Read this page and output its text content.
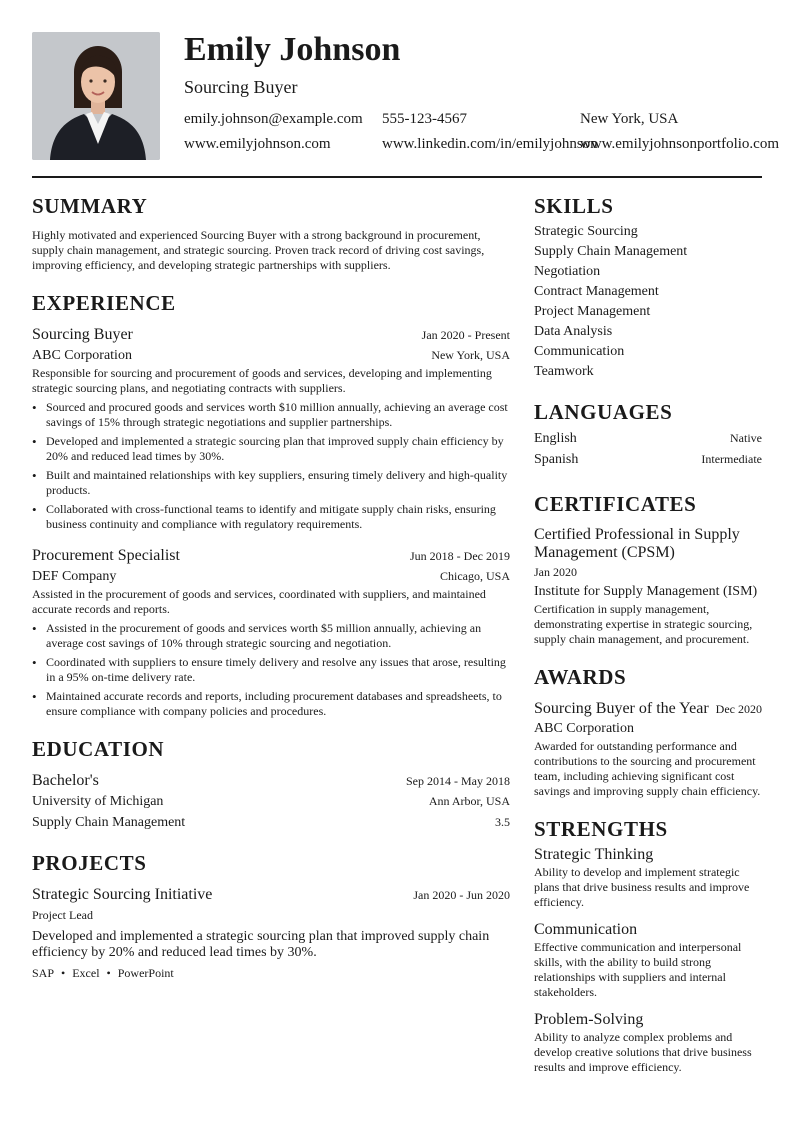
Emily Johnson
Sourcing Buyer
emily.johnson@example.com 555-123-4567	New York, USA
www.emilyjohnson.com	www.linkedin.com/in/emilyjohnson
www.emilyjohnsonportfolio.com
SUMMARY
Highly motivated and experienced Sourcing Buyer with a strong background in procurement, supply chain management, and strategic sourcing. Proven track record of driving cost savings, improving efficiency, and developing strategic partnerships with suppliers.
EXPERIENCE
Sourcing Buyer	Jan 2020 - Present
ABC Corporation	New York, USA
Responsible for sourcing and procurement of goods and services, developing and implementing strategic sourcing plans, and negotiating contracts with suppliers.
• Sourced and procured goods and services worth $10 million annually, achieving an average cost savings of 15% through strategic negotiations and supplier partnerships.
• Developed and implemented a strategic sourcing plan that improved supply chain efficiency by 20% and reduced lead times by 30%.
• Built and maintained relationships with key suppliers, ensuring timely delivery and high-quality products.
• Collaborated with cross-functional teams to identify and mitigate supply chain risks, ensuring business continuity and compliance with regulatory requirements.
Procurement Specialist	Jun 2018 - Dec 2019
DEF Company	Chicago, USA
Assisted in the procurement of goods and services, coordinated with suppliers, and maintained accurate records and reports.
• Assisted in the procurement of goods and services worth $5 million annually, achieving an average cost savings of 10% through strategic sourcing and negotiation.
• Coordinated with suppliers to ensure timely delivery and resolve any issues that arose, resulting in a 95% on-time delivery rate.
• Maintained accurate records and reports, including procurement databases and spreadsheets, to ensure compliance with company policies and procedures.
EDUCATION
Bachelor's	Sep 2014 - May 2018
University of Michigan	Ann Arbor, USA
Supply Chain Management	3.5
PROJECTS
Strategic Sourcing Initiative	Jan 2020 - Jun 2020
Project Lead
Developed and implemented a strategic sourcing plan that improved supply chain efficiency by 20% and reduced lead times by 30%.
SAP • Excel • PowerPoint
SKILLS
Strategic Sourcing
Supply Chain Management
Negotiation
Contract Management
Project Management
Data Analysis
Communication
Teamwork
LANGUAGES
English	Native
Spanish	Intermediate
CERTIFICATES
Certified Professional in Supply Management (CPSM)
Jan 2020
Institute for Supply Management (ISM)
Certification in supply management, demonstrating expertise in strategic sourcing, supply chain management, and procurement.
AWARDS
Sourcing Buyer of the Year Dec 2020
ABC Corporation
Awarded for outstanding performance and contributions to the sourcing and procurement team, including achieving significant cost savings and improving supply chain efficiency.
STRENGTHS
Strategic Thinking
Ability to develop and implement strategic plans that drive business results and improve efficiency.
Communication
Effective communication and interpersonal skills, with the ability to build strong relationships with suppliers and internal stakeholders.
Problem-Solving
Ability to analyze complex problems and develop creative solutions that drive business results and improve efficiency.
